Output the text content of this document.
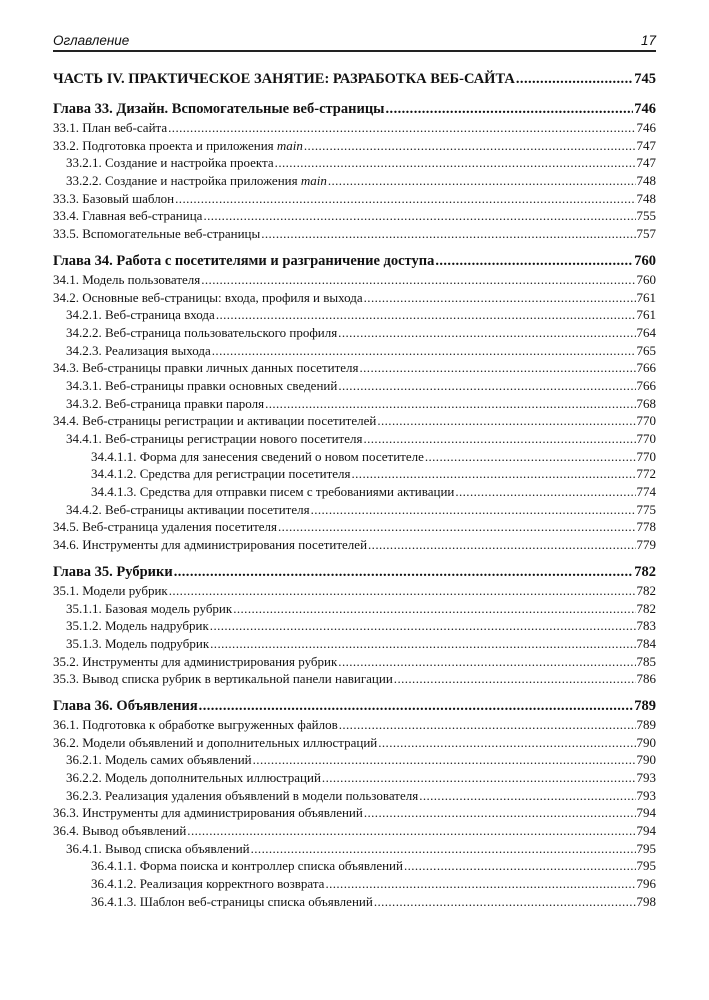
Оглавление	17
ЧАСТЬ IV. ПРАКТИЧЕСКОЕ ЗАНЯТИЕ: РАЗРАБОТКА ВЕБ-САЙТА .....	745
Глава 33. Дизайн. Вспомогательные веб-страницы .....	746
33.1. План веб-сайта .....	746
33.2. Подготовка проекта и приложения main .....	747
33.2.1. Создание и настройка проекта .....	747
33.2.2. Создание и настройка приложения main .....	748
33.3. Базовый шаблон .....	748
33.4. Главная веб-страница .....	755
33.5. Вспомогательные веб-страницы .....	757
Глава 34. Работа с посетителями и разграничение доступа .....	760
34.1. Модель пользователя .....	760
34.2. Основные веб-страницы: входа, профиля и выхода .....	761
34.2.1. Веб-страница входа .....	761
34.2.2. Веб-страница пользовательского профиля .....	764
34.2.3. Реализация выхода .....	765
34.3. Веб-страницы правки личных данных посетителя .....	766
34.3.1. Веб-страницы правки основных сведений .....	766
34.3.2. Веб-страница правки пароля .....	768
34.4. Веб-страницы регистрации и активации посетителей .....	770
34.4.1. Веб-страницы регистрации нового посетителя .....	770
34.4.1.1. Форма для занесения сведений о новом посетителе .....	770
34.4.1.2. Средства для регистрации посетителя .....	772
34.4.1.3. Средства для отправки писем с требованиями активации .....	774
34.4.2. Веб-страницы активации посетителя .....	775
34.5. Веб-страница удаления посетителя .....	778
34.6. Инструменты для администрирования посетителей .....	779
Глава 35. Рубрики .....	782
35.1. Модели рубрик .....	782
35.1.1. Базовая модель рубрик .....	782
35.1.2. Модель надрубрик .....	783
35.1.3. Модель подрубрик .....	784
35.2. Инструменты для администрирования рубрик .....	785
35.3. Вывод списка рубрик в вертикальной панели навигации .....	786
Глава 36. Объявления .....	789
36.1. Подготовка к обработке выгруженных файлов .....	789
36.2. Модели объявлений и дополнительных иллюстраций .....	790
36.2.1. Модель самих объявлений .....	790
36.2.2. Модель дополнительных иллюстраций .....	793
36.2.3. Реализация удаления объявлений в модели пользователя .....	793
36.3. Инструменты для администрирования объявлений .....	794
36.4. Вывод объявлений .....	794
36.4.1. Вывод списка объявлений .....	795
36.4.1.1. Форма поиска и контроллер списка объявлений .....	795
36.4.1.2. Реализация корректного возврата .....	796
36.4.1.3. Шаблон веб-страницы списка объявлений .....	798
